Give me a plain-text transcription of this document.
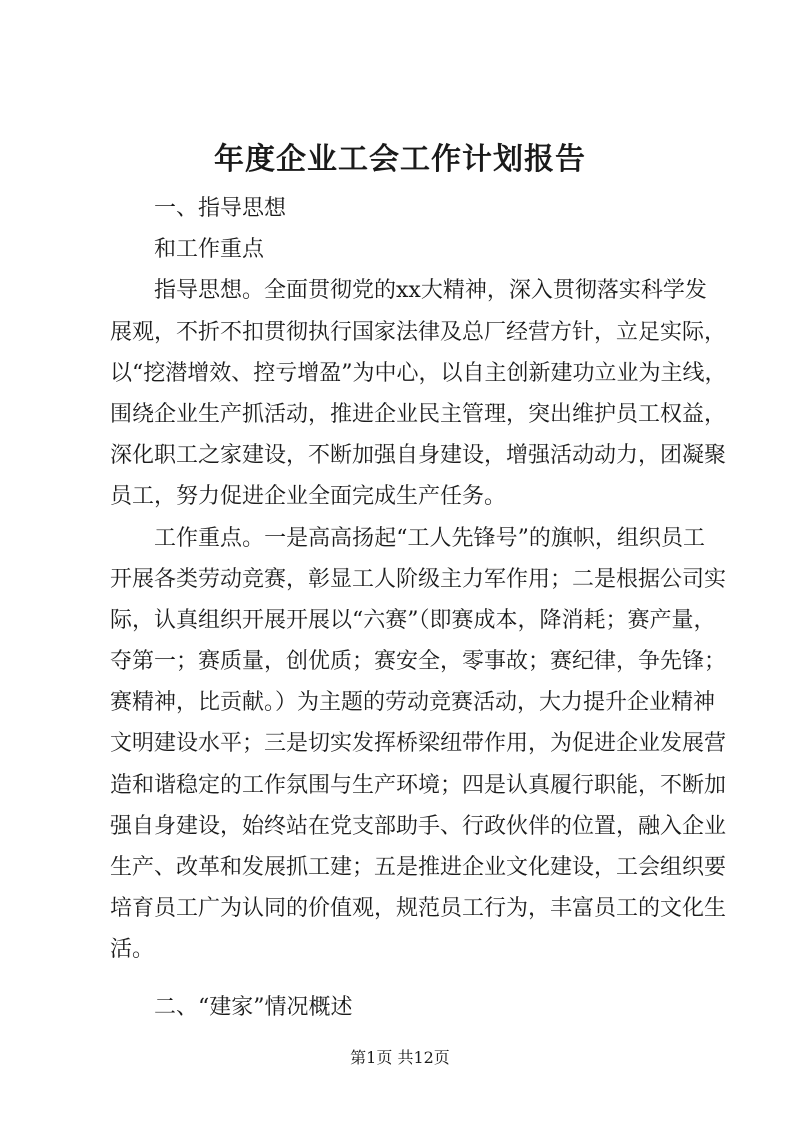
年度企业工会工作计划报告
一、指导思想
和工作重点
指导思想。全面贯彻党的xx大精神，深入贯彻落实科学发
展观，不折不扣贯彻执行国家法律及总厂经营方针，立足实际，
以“挖潜增效、控亏增盈”为中心，以自主创新建功立业为主线，
围绕企业生产抓活动，推进企业民主管理，突出维护员工权益，
深化职工之家建设，不断加强自身建设，增强活动动力，团凝聚
员工，努力促进企业全面完成生产任务。
工作重点。一是高高扬起“工人先锋号”的旗帜，组织员工
开展各类劳动竞赛，彰显工人阶级主力军作用；二是根据公司实
际，认真组织开展开展以“六赛”（即赛成本，降消耗；赛产量，
夺第一；赛质量，创优质；赛安全，零事故；赛纪律，争先锋；
赛精神，比贡献。）为主题的劳动竞赛活动，大力提升企业精神
文明建设水平；三是切实发挥桥梁纽带作用，为促进企业发展营
造和谐稳定的工作氛围与生产环境；四是认真履行职能，不断加
强自身建设，始终站在党支部助手、行政伙伴的位置，融入企业
生产、改革和发展抓工建；五是推进企业文化建设，工会组织要
培育员工广为认同的价值观，规范员工行为，丰富员工的文化生
活。
二、“建家”情况概述
第1页 共12页
